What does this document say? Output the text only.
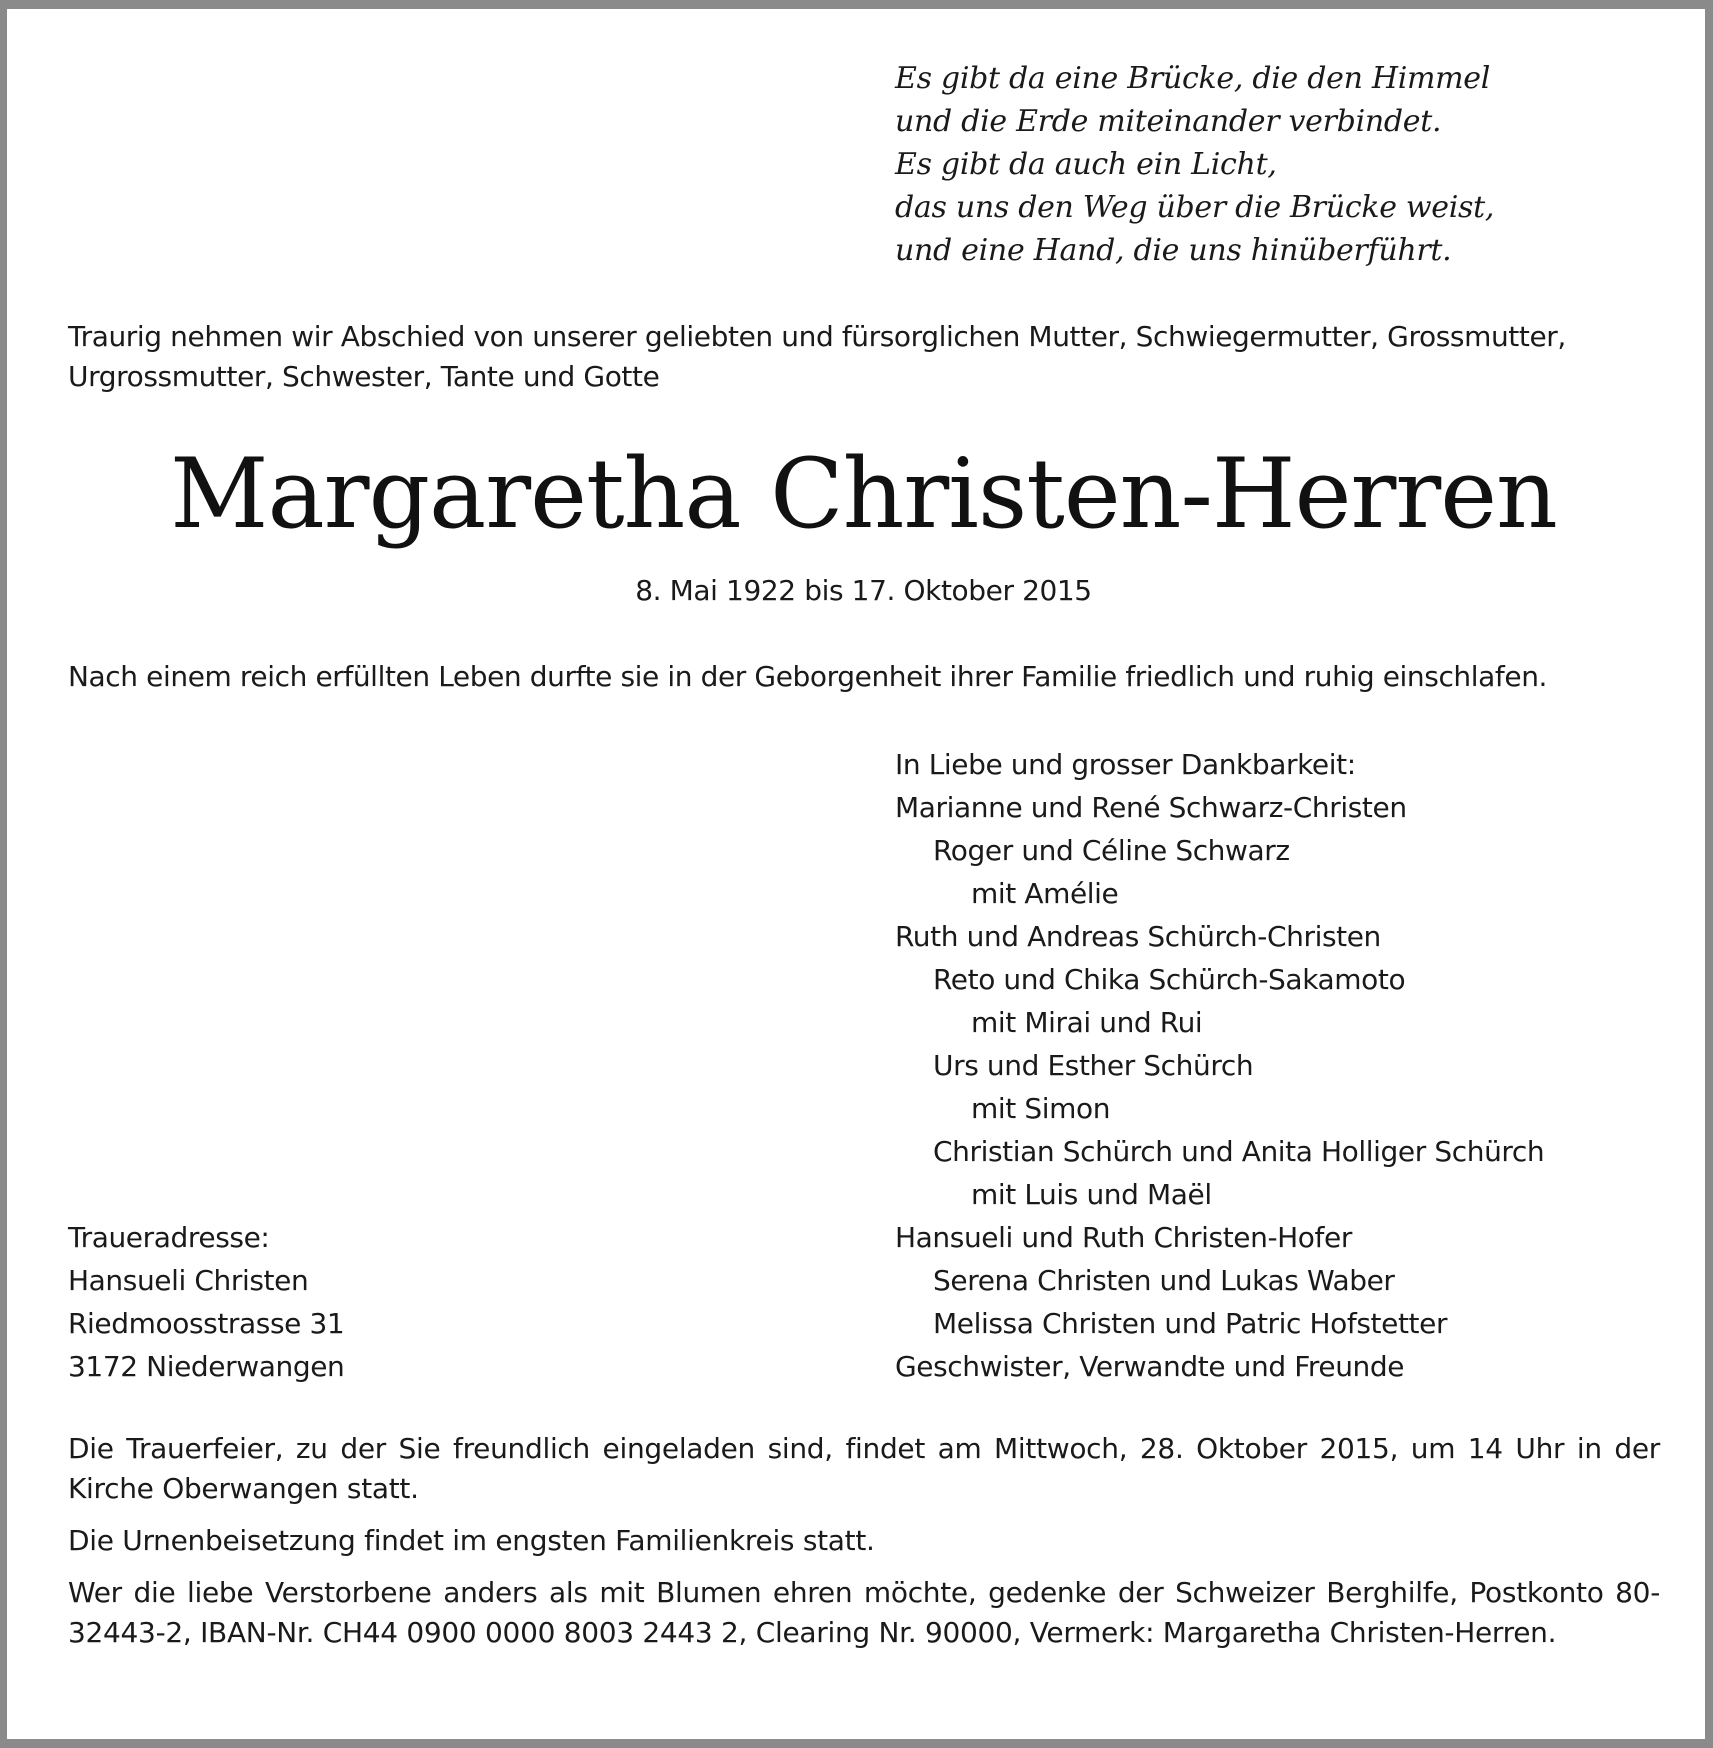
Es gibt da eine Brücke, die den Himmel
und die Erde miteinander verbindet.
Es gibt da auch ein Licht,
das uns den Weg über die Brücke weist,
und eine Hand, die uns hinüberführt.
Traurig nehmen wir Abschied von unserer geliebten und fürsorglichen Mutter, Schwiegermutter, Grossmutter, Urgrossmutter, Schwester, Tante und Gotte
Margaretha Christen-Herren
8. Mai 1922 bis 17. Oktober 2015
Nach einem reich erfüllten Leben durfte sie in der Geborgenheit ihrer Familie friedlich und ruhig einschlafen.
In Liebe und grosser Dankbarkeit:
Marianne und René Schwarz-Christen
Roger und Céline Schwarz
mit Amélie
Ruth und Andreas Schürch-Christen
Reto und Chika Schürch-Sakamoto
mit Mirai und Rui
Urs und Esther Schürch
mit Simon
Christian Schürch und Anita Holliger Schürch
mit Luis und Maël
Hansueli und Ruth Christen-Hofer
Serena Christen und Lukas Waber
Melissa Christen und Patric Hofstetter
Geschwister, Verwandte und Freunde
Traueradresse:
Hansueli Christen
Riedmoosstrasse 31
3172 Niederwangen

Die Trauerfeier, zu der Sie freundlich eingeladen sind, findet am Mittwoch, 28. Oktober 2015, um 14 Uhr in der Kirche Oberwangen statt.

Die Urnenbeisetzung findet im engsten Familienkreis statt.

Wer die liebe Verstorbene anders als mit Blumen ehren möchte, gedenke der Schweizer Berghilfe, Postkonto 80-32443-2, IBAN-Nr. CH44 0900 0000 8003 2443 2, Clearing Nr. 90000, Vermerk: Margaretha Christen-Herren.
